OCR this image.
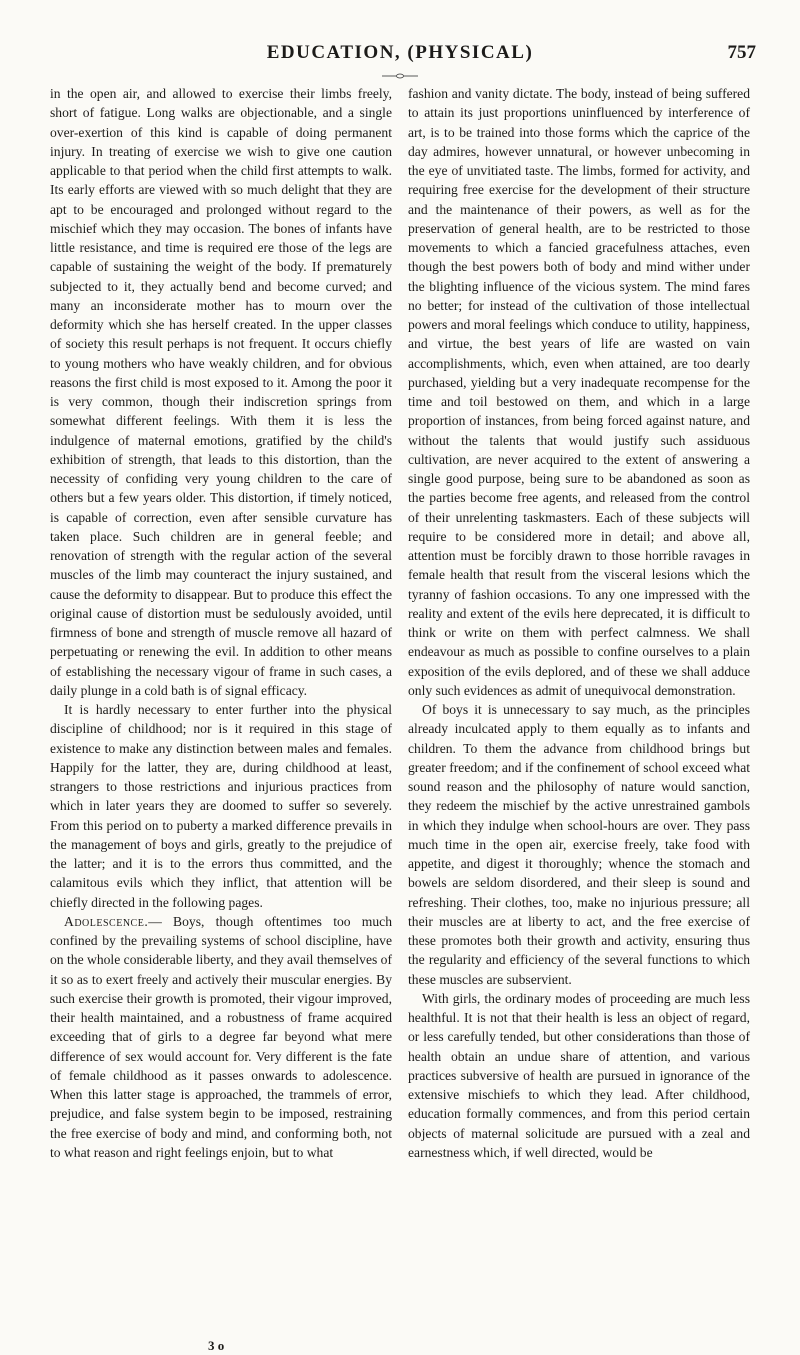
EDUCATION, (PHYSICAL)	757

in the open air, and allowed to exercise their limbs freely, short of fatigue. Long walks are objectionable, and a single over-exertion of this kind is capable of doing permanent injury. In treating of exercise we wish to give one caution applicable to that period when the child first attempts to walk. Its early efforts are viewed with so much delight that they are apt to be encouraged and prolonged without regard to the mischief which they may occasion. The bones of infants have little resistance, and time is required ere those of the legs are capable of sustaining the weight of the body. If prematurely subjected to it, they actually bend and become curved; and many an inconsiderate mother has to mourn over the deformity which she has herself created. In the upper classes of society this result perhaps is not frequent. It occurs chiefly to young mothers who have weakly children, and for obvious reasons the first child is most exposed to it. Among the poor it is very common, though their indiscretion springs from somewhat different feelings. With them it is less the indulgence of maternal emotions, gratified by the child's exhibition of strength, that leads to this distortion, than the necessity of confiding very young children to the care of others but a few years older. This distortion, if timely noticed, is capable of correction, even after sensible curvature has taken place. Such children are in general feeble; and renovation of strength with the regular action of the several muscles of the limb may counteract the injury sustained, and cause the deformity to disappear. But to produce this effect the original cause of distortion must be sedulously avoided, until firmness of bone and strength of muscle remove all hazard of perpetuating or renewing the evil. In addition to other means of establishing the necessary vigour of frame in such cases, a daily plunge in a cold bath is of signal efficacy.

It is hardly necessary to enter further into the physical discipline of childhood; nor is it required in this stage of existence to make any distinction between males and females. Happily for the latter, they are, during childhood at least, strangers to those restrictions and injurious practices from which in later years they are doomed to suffer so severely. From this period on to puberty a marked difference prevails in the management of boys and girls, greatly to the prejudice of the latter; and it is to the errors thus committed, and the calamitous evils which they inflict, that attention will be chiefly directed in the following pages.

Adolescence.— Boys, though oftentimes too much confined by the prevailing systems of school discipline, have on the whole considerable liberty, and they avail themselves of it so as to exert freely and actively their muscular energies. By such exercise their growth is promoted, their vigour improved, their health maintained, and a robustness of frame acquired exceeding that of girls to a degree far beyond what mere difference of sex would account for. Very different is the fate of female childhood as it passes onwards to adolescence. When this latter stage is approached, the trammels of error, prejudice, and false system begin to be imposed, restraining the free exercise of body and mind, and conforming both, not to what reason and right feelings enjoin, but to what

fashion and vanity dictate. The body, instead of being suffered to attain its just proportions uninfluenced by interference of art, is to be trained into those forms which the caprice of the day admires, however unnatural, or however unbecoming in the eye of unvitiated taste. The limbs, formed for activity, and requiring free exercise for the development of their structure and the maintenance of their powers, as well as for the preservation of general health, are to be restricted to those movements to which a fancied gracefulness attaches, even though the best powers both of body and mind wither under the blighting influence of the vicious system. The mind fares no better; for instead of the cultivation of those intellectual powers and moral feelings which conduce to utility, happiness, and virtue, the best years of life are wasted on vain accomplishments, which, even when attained, are too dearly purchased, yielding but a very inadequate recompense for the time and toil bestowed on them, and which in a large proportion of instances, from being forced against nature, and without the talents that would justify such assiduous cultivation, are never acquired to the extent of answering a single good purpose, being sure to be abandoned as soon as the parties become free agents, and released from the control of their unrelenting taskmasters. Each of these subjects will require to be considered more in detail; and above all, attention must be forcibly drawn to those horrible ravages in female health that result from the visceral lesions which the tyranny of fashion occasions. To any one impressed with the reality and extent of the evils here deprecated, it is difficult to think or write on them with perfect calmness. We shall endeavour as much as possible to confine ourselves to a plain exposition of the evils deplored, and of these we shall adduce only such evidences as admit of unequivocal demonstration.

Of boys it is unnecessary to say much, as the principles already inculcated apply to them equally as to infants and children. To them the advance from childhood brings but greater freedom; and if the confinement of school exceed what sound reason and the philosophy of nature would sanction, they redeem the mischief by the active unrestrained gambols in which they indulge when school-hours are over. They pass much time in the open air, exercise freely, take food with appetite, and digest it thoroughly; whence the stomach and bowels are seldom disordered, and their sleep is sound and refreshing. Their clothes, too, make no injurious pressure; all their muscles are at liberty to act, and the free exercise of these promotes both their growth and activity, ensuring thus the regularity and efficiency of the several functions to which these muscles are subservient.

With girls, the ordinary modes of proceeding are much less healthful. It is not that their health is less an object of regard, or less carefully tended, but other considerations than those of health obtain an undue share of attention, and various practices subversive of health are pursued in ignorance of the extensive mischiefs to which they lead. After childhood, education formally commences, and from this period certain objects of maternal solicitude are pursued with a zeal and earnestness which, if well directed, would be

3 o
